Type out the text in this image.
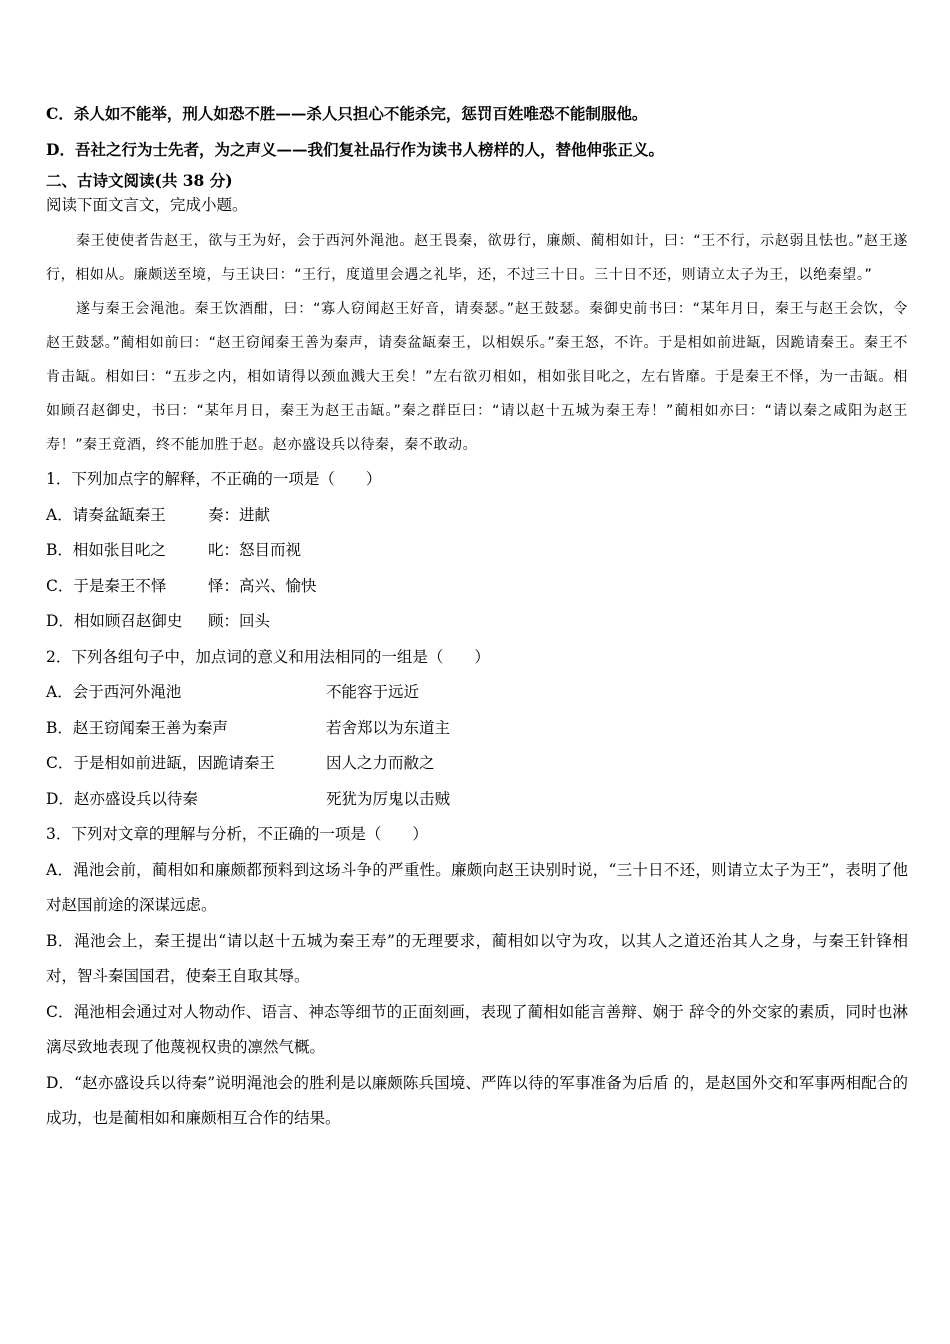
C．杀人如不能举，刑人如恐不胜——杀人只担心不能杀完，惩罚百姓唯恐不能制服他。
D．吾社之行为士先者，为之声义——我们复社品行作为读书人榜样的人，替他伸张正义。
二、古诗文阅读(共 38 分)
阅读下面文言文，完成小题。

秦王使使者告赵王，欲与王为好，会于西河外渑池。赵王畏秦，欲毋行，廉颇、蔺相如计，曰：“王不行，示赵弱且怯也。”赵王遂行，相如从。廉颇送至境，与王诀曰：“王行，度道里会遇之礼毕，还，不过三十日。三十日不还，则请立太子为王，以绝秦望。”

遂与秦王会渑池。秦王饮酒酣，曰：“寡人窃闻赵王好音，请奏瑟。”赵王鼓瑟。秦御史前书曰：“某年月日，秦王与赵王会饮，令赵王鼓瑟。”蔺相如前曰：“赵王窃闻秦王善为秦声，请奏盆缻秦王，以相娱乐。”秦王怒，不许。于是相如前进缻，因跪请秦王。秦王不肯击缻。相如曰：“五步之内，相如请得以颈血溅大王矣！”左右欲刃相如，相如张目叱之，左右皆靡。于是秦王不怿，为一击缻。相如顾召赵御史，书曰：“某年月日，秦王为赵王击缻。”秦之群臣曰：“请以赵十五城为秦王寿！”蔺相如亦曰：“请以秦之咸阳为赵王寿！”秦王竟酒，终不能加胜于赵。赵亦盛设兵以待秦，秦不敢动。

1．下列加点字的解释，不正确的一项是（　　）
A．请奏盆缻秦王	奏：进献
B．相如张目叱之	叱：怒目而视
C．于是秦王不怿	怿：高兴、愉快
D．相如顾召赵御史 顾：回头
2．下列各组句子中，加点词的意义和用法相同的一组是（　　）
A．会于西河外渑池	不能容于远近
B．赵王窃闻秦王善为秦声	若舍郑以为东道主
C．于是相如前进缻，因跪请秦王	因人之力而敝之
D．赵亦盛设兵以待秦	死犹为厉鬼以击贼
3．下列对文章的理解与分析，不正确的一项是（　　）

A．渑池会前，蔺相如和廉颇都预料到这场斗争的严重性。廉颇向赵王诀别时说，“三十日不还，则请立太子为王”，表明了他对赵国前途的深谋远虑。

B．渑池会上，秦王提出“请以赵十五城为秦王寿”的无理要求，蔺相如以守为攻，以其人之道还治其人之身，与秦王针锋相对，智斗秦国国君，使秦王自取其辱。

C．渑池相会通过对人物动作、语言、神态等细节的正面刻画，表现了蔺相如能言善辩、娴于 辞令的外交家的素质，同时也淋漓尽致地表现了他蔑视权贵的凛然气概。

D．“赵亦盛设兵以待秦”说明渑池会的胜利是以廉颇陈兵国境、严阵以待的军事准备为后盾 的，是赵国外交和军事两相配合的成功，也是蔺相如和廉颇相互合作的结果。
